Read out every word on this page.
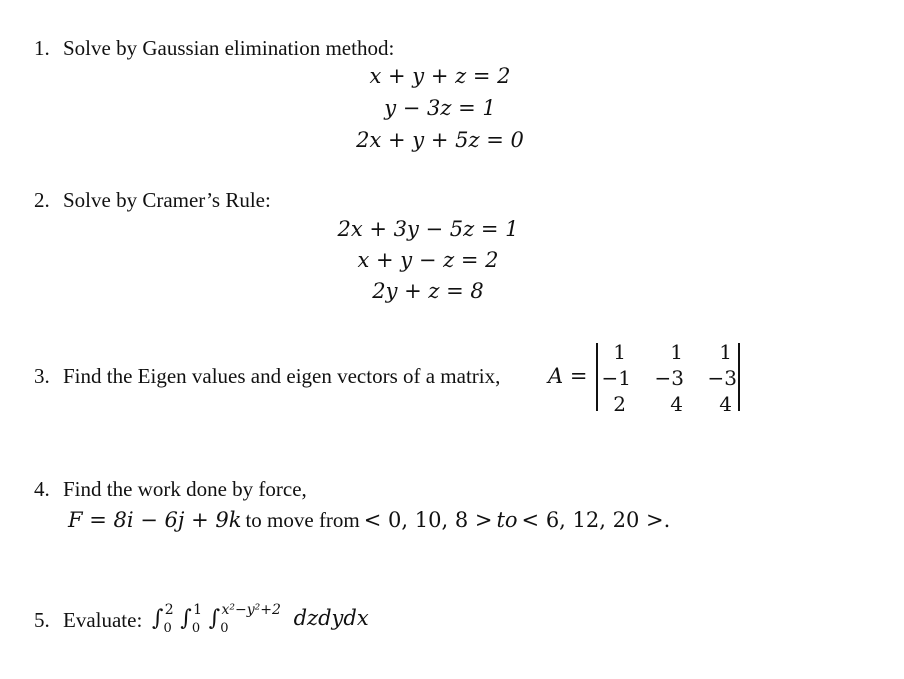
1. Solve by Gaussian elimination method:
x + y + z = 2
y − 3z = 1
2x + y + 5z = 0
2. Solve by Cramer’s Rule:
2x + 3y − 5z = 1
x + y − z = 2
2y + z = 8
3. Find the Eigen values and eigen vectors of a matrix, A =
1	1	1
−1	−3	−3
2	4	4
4. Find the work done by force,
F = 8i − 6j + 9k to move from < 0, 10, 8 > to < 6, 12, 20 >.
5. Evaluate: $\int_0^2$ $\int_0^1$ $\int_0^{x^2-y^2+2}$ dzdydx
